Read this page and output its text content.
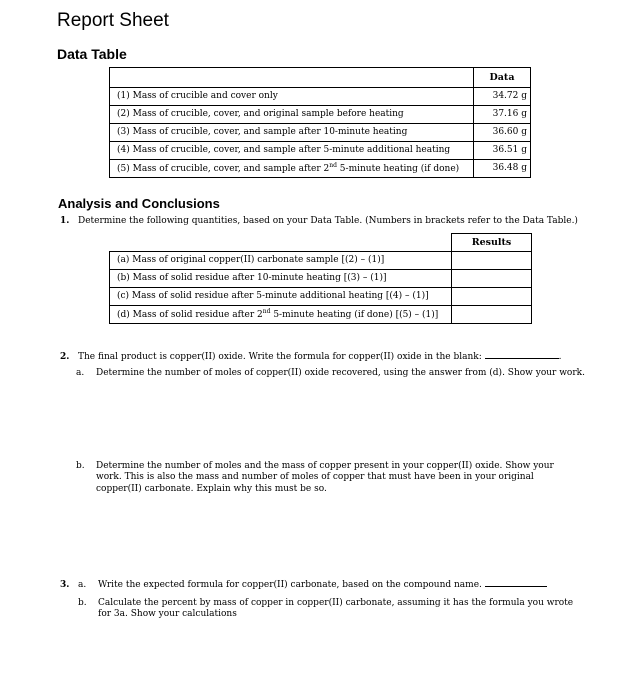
Report Sheet
Data Table
	Data
(1) Mass of crucible and cover only	34.72 g
(2) Mass of crucible, cover, and original sample before heating	37.16 g
(3) Mass of crucible, cover, and sample after 10-minute heating	36.60 g
(4) Mass of crucible, cover, and sample after 5-minute additional heating	36.51 g
(5) Mass of crucible, cover, and sample after 2nd 5-minute heating (if done)	36.48 g
Analysis and Conclusions
1. Determine the following quantities, based on your Data Table. (Numbers in brackets refer to the Data Table.)
	Results
(a) Mass of original copper(II) carbonate sample [(2) – (1)]	
(b) Mass of solid residue after 10-minute heating [(3) – (1)]	
(c) Mass of solid residue after 5-minute additional heating [(4) – (1)]	
(d) Mass of solid residue after 2nd 5-minute heating (if done) [(5) – (1)]	
2. The final product is copper(II) oxide. Write the formula for copper(II) oxide in the blank:	.
a. Determine the number of moles of copper(II) oxide recovered, using the answer from (d). Show your work.
b.	Determine the number of moles and the mass of copper present in your copper(II) oxide. Show your work. This is also the mass and number of moles of copper that must have been in your original copper(II) carbonate. Explain why this must be so.
3. a. Write the expected formula for copper(II) carbonate, based on the compound name.
b.	Calculate the percent by mass of copper in copper(II) carbonate, assuming it has the formula you wrote for 3a. Show your calculations
